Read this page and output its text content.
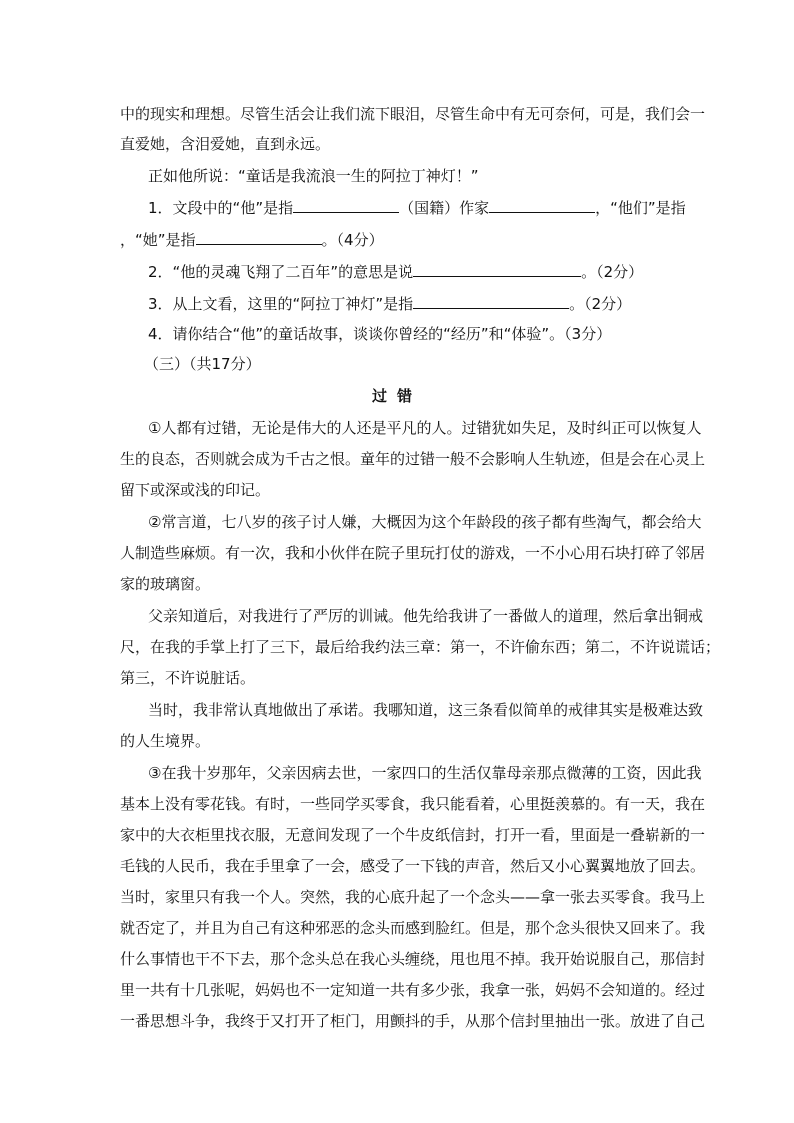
中的现实和理想。尽管生活会让我们流下眼泪，尽管生命中有无可奈何，可是，我们会一
直爱她，含泪爱她，直到永远。
正如他所说：“童话是我流浪一生的阿拉丁神灯！”
1．文段中的“他”是指	（国籍）作家	，“他们”是指
，“她”是指	。（4分）
2．“他的灵魂飞翔了二百年”的意思是说	。（2分）
3．从上文看，这里的“阿拉丁神灯”是指	。（2分）
4．请你结合“他”的童话故事，谈谈你曾经的“经历”和“体验”。（3分）
（三）（共17分）
过错
①人都有过错，无论是伟大的人还是平凡的人。过错犹如失足，及时纠正可以恢复人
生的良态，否则就会成为千古之恨。童年的过错一般不会影响人生轨迹，但是会在心灵上
留下或深或浅的印记。
②常言道，七八岁的孩子讨人嫌，大概因为这个年龄段的孩子都有些淘气，都会给大
人制造些麻烦。有一次，我和小伙伴在院子里玩打仗的游戏，一不小心用石块打碎了邻居
家的玻璃窗。
父亲知道后，对我进行了严厉的训诫。他先给我讲了一番做人的道理，然后拿出铜戒
尺，在我的手掌上打了三下，最后给我约法三章：第一，不许偷东西；第二，不许说谎话；
第三，不许说脏话。
当时，我非常认真地做出了承诺。我哪知道，这三条看似简单的戒律其实是极难达致
的人生境界。
③在我十岁那年，父亲因病去世，一家四口的生活仅靠母亲那点微薄的工资，因此我
基本上没有零花钱。有时，一些同学买零食，我只能看着，心里挺羡慕的。有一天，我在
家中的大衣柜里找衣服，无意间发现了一个牛皮纸信封，打开一看，里面是一叠崭新的一
毛钱的人民币，我在手里拿了一会，感受了一下钱的声音，然后又小心翼翼地放了回去。
当时，家里只有我一个人。突然，我的心底升起了一个念头——拿一张去买零食。我马上
就否定了，并且为自己有这种邪恶的念头而感到脸红。但是，那个念头很快又回来了。我
什么事情也干不下去，那个念头总在我心头缠绕，甩也甩不掉。我开始说服自己，那信封
里一共有十几张呢，妈妈也不一定知道一共有多少张，我拿一张，妈妈不会知道的。经过
一番思想斗争，我终于又打开了柜门，用颤抖的手，从那个信封里抽出一张。放进了自己
